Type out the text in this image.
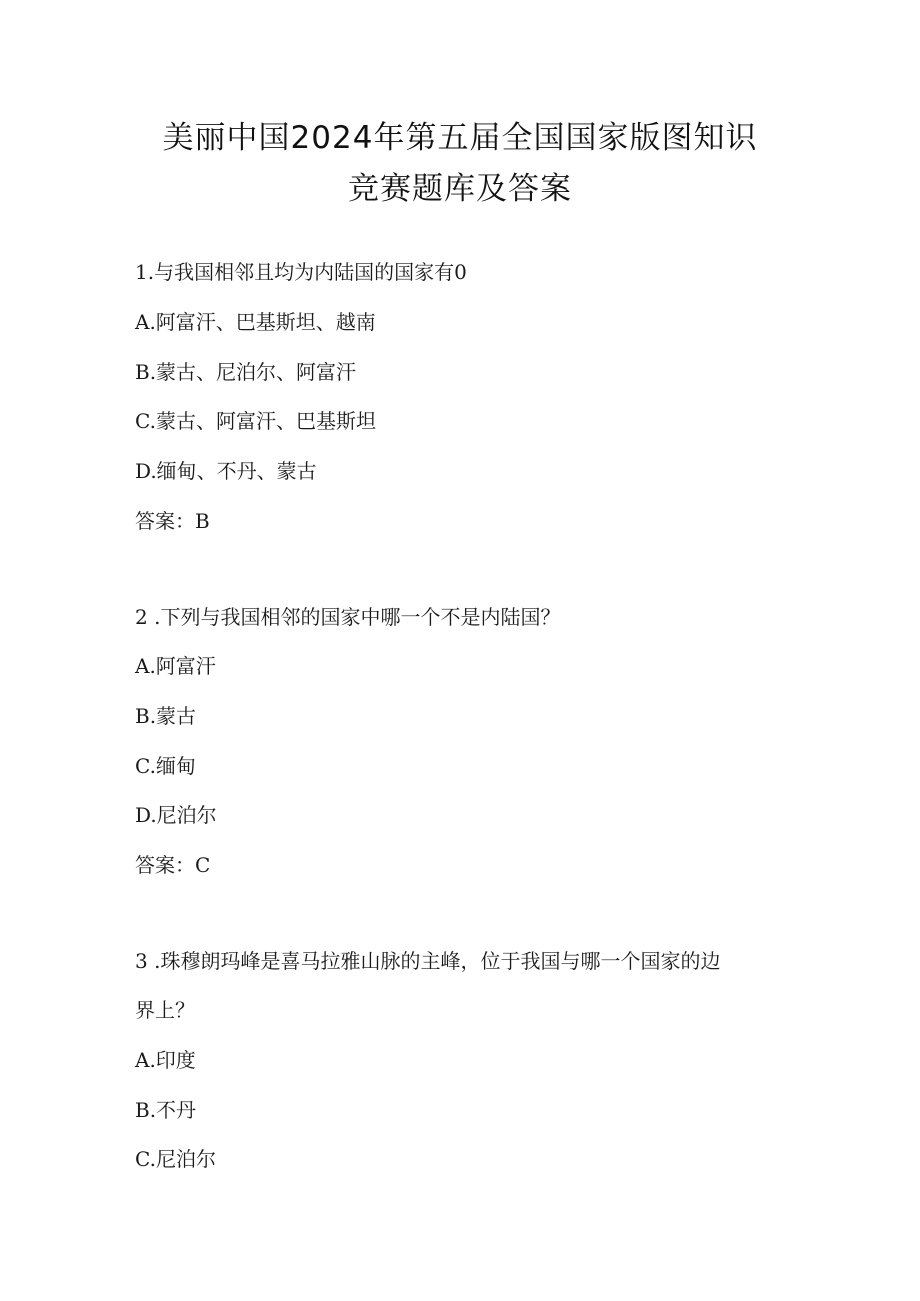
美丽中国2024年第五届全国国家版图知识
竞赛题库及答案
1.与我国相邻且均为内陆国的国家有0
A.阿富汗、巴基斯坦、越南
B.蒙古、尼泊尔、阿富汗
C.蒙古、阿富汗、巴基斯坦
D.缅甸、不丹、蒙古
答案：B
2 .下列与我国相邻的国家中哪一个不是内陆国？
A.阿富汗
B.蒙古
C.缅甸
D.尼泊尔
答案：C
3 .珠穆朗玛峰是喜马拉雅山脉的主峰，位于我国与哪一个国家的边
界上？
A.印度
B.不丹
C.尼泊尔
